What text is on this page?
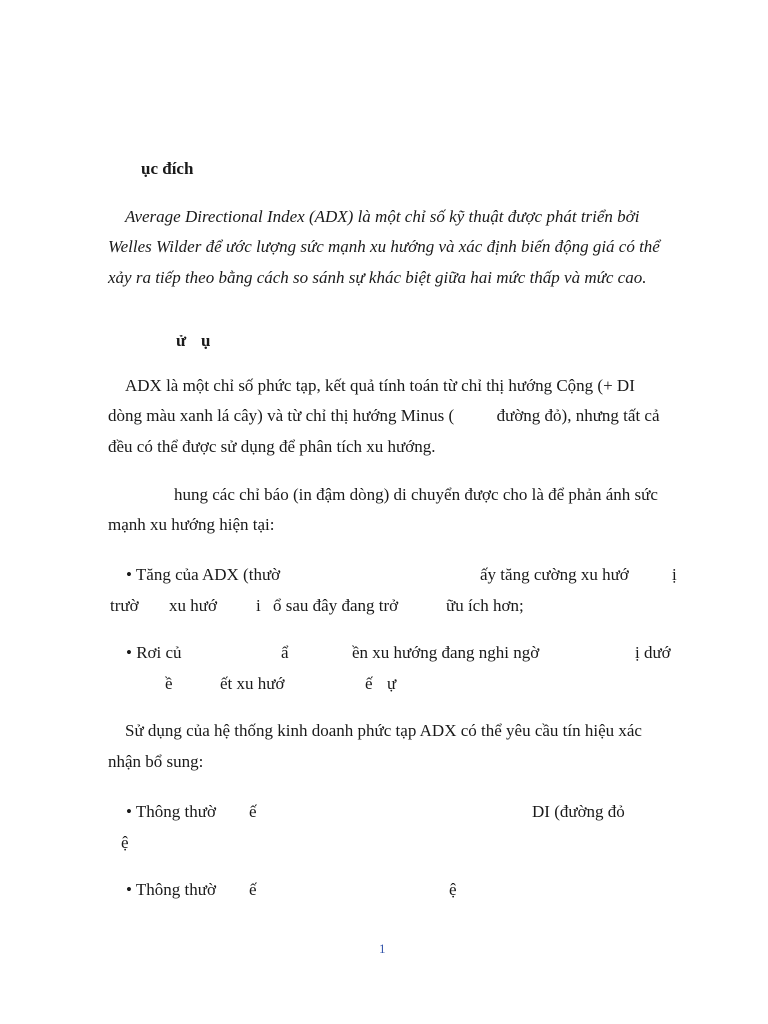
ục đích
Average Directional Index (ADX) là một chỉ số kỹ thuật được phát triển bởi
Welles Wilder để ước lượng sức mạnh xu hướng và xác định biến động giá có thể
xảy ra tiếp theo bằng cách so sánh sự khác biệt giữa hai mức thấp và mức cao.
ử ụ
ADX là một chỉ số phức tạp, kết quả tính toán từ chỉ thị hướng Cộng (+ DI
dòng màu xanh lá cây) và từ chỉ thị hướng Minus (          đường đỏ), nhưng tất cả
đều có thể được sử dụng để phân tích xu hướng.
hung các chỉ báo (in đậm dòng) di chuyển được cho là để phản ánh sức
mạnh xu hướng hiện tại:
• Tăng của ADX (thườ	ấy tăng cường xu hướ	ị
trườ xu hướ i ổ sau đây đang trở	ữu ích hơn;
• Rơi củ	ẩ	ền xu hướng đang nghi ngờ	ị dướ
ề	ết xu hướ	ế ự
Sử dụng của hệ thống kinh doanh phức tạp ADX có thể yêu cầu tín hiệu xác
nhận bổ sung:
• Thông thườ ế	DI (đường đỏ
ệ
• Thông thườ ế	ệ
1
